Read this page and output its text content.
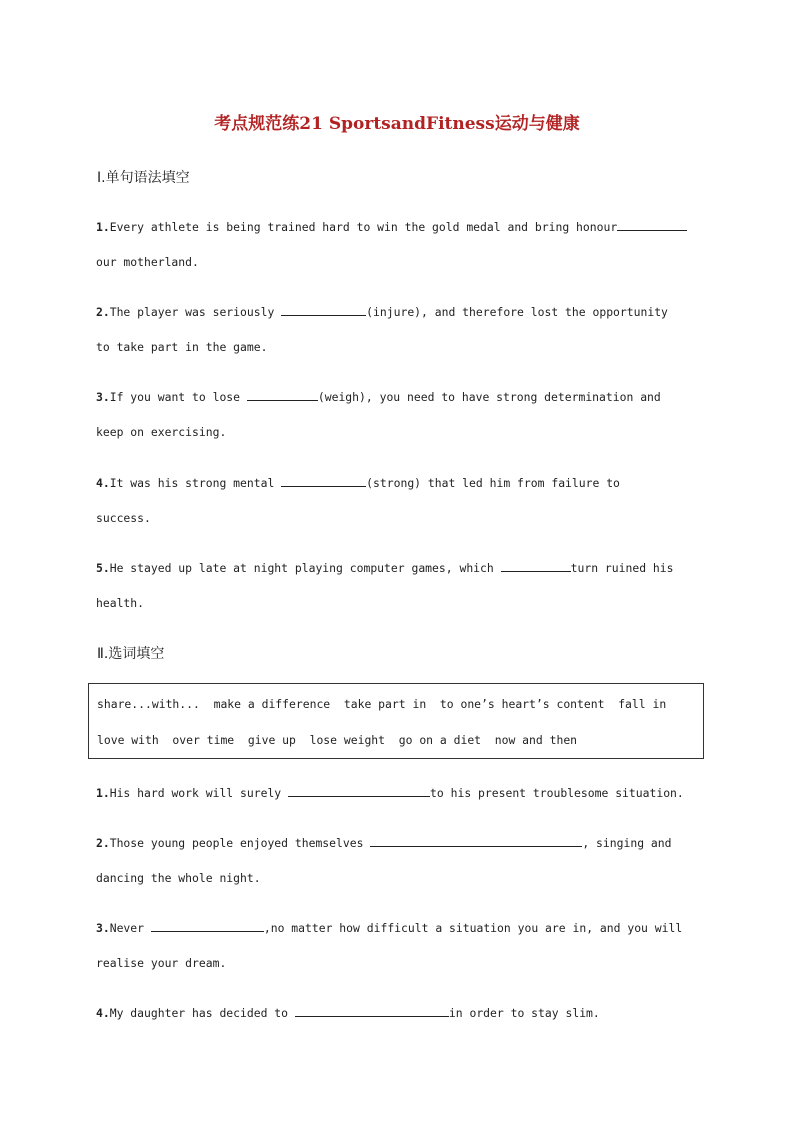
考点规范练21 SportsandFitness运动与健康
Ⅰ.单句语法填空
1.Every athlete is being trained hard to win the gold medal and bring honour
our motherland.
2.The player was seriously	(injure), and therefore lost the opportunity
to take part in the game.
3.If you want to lose	(weigh), you need to have strong determination and
keep on exercising.
4.It was his strong mental	(strong) that led him from failure to
success.
5.He stayed up late at night playing computer games, which	turn ruined his
health.
Ⅱ.选词填空
share...with...  make a difference  take part in  to one’s heart’s content  fall in
love with  over time  give up  lose weight  go on a diet  now and then
1.His hard work will surely	to his present troublesome situation.
2.Those young people enjoyed themselves	, singing and
dancing the whole night.
3.Never	,no matter how difficult a situation you are in, and you will
realise your dream.
4.My daughter has decided to	in order to stay slim.
